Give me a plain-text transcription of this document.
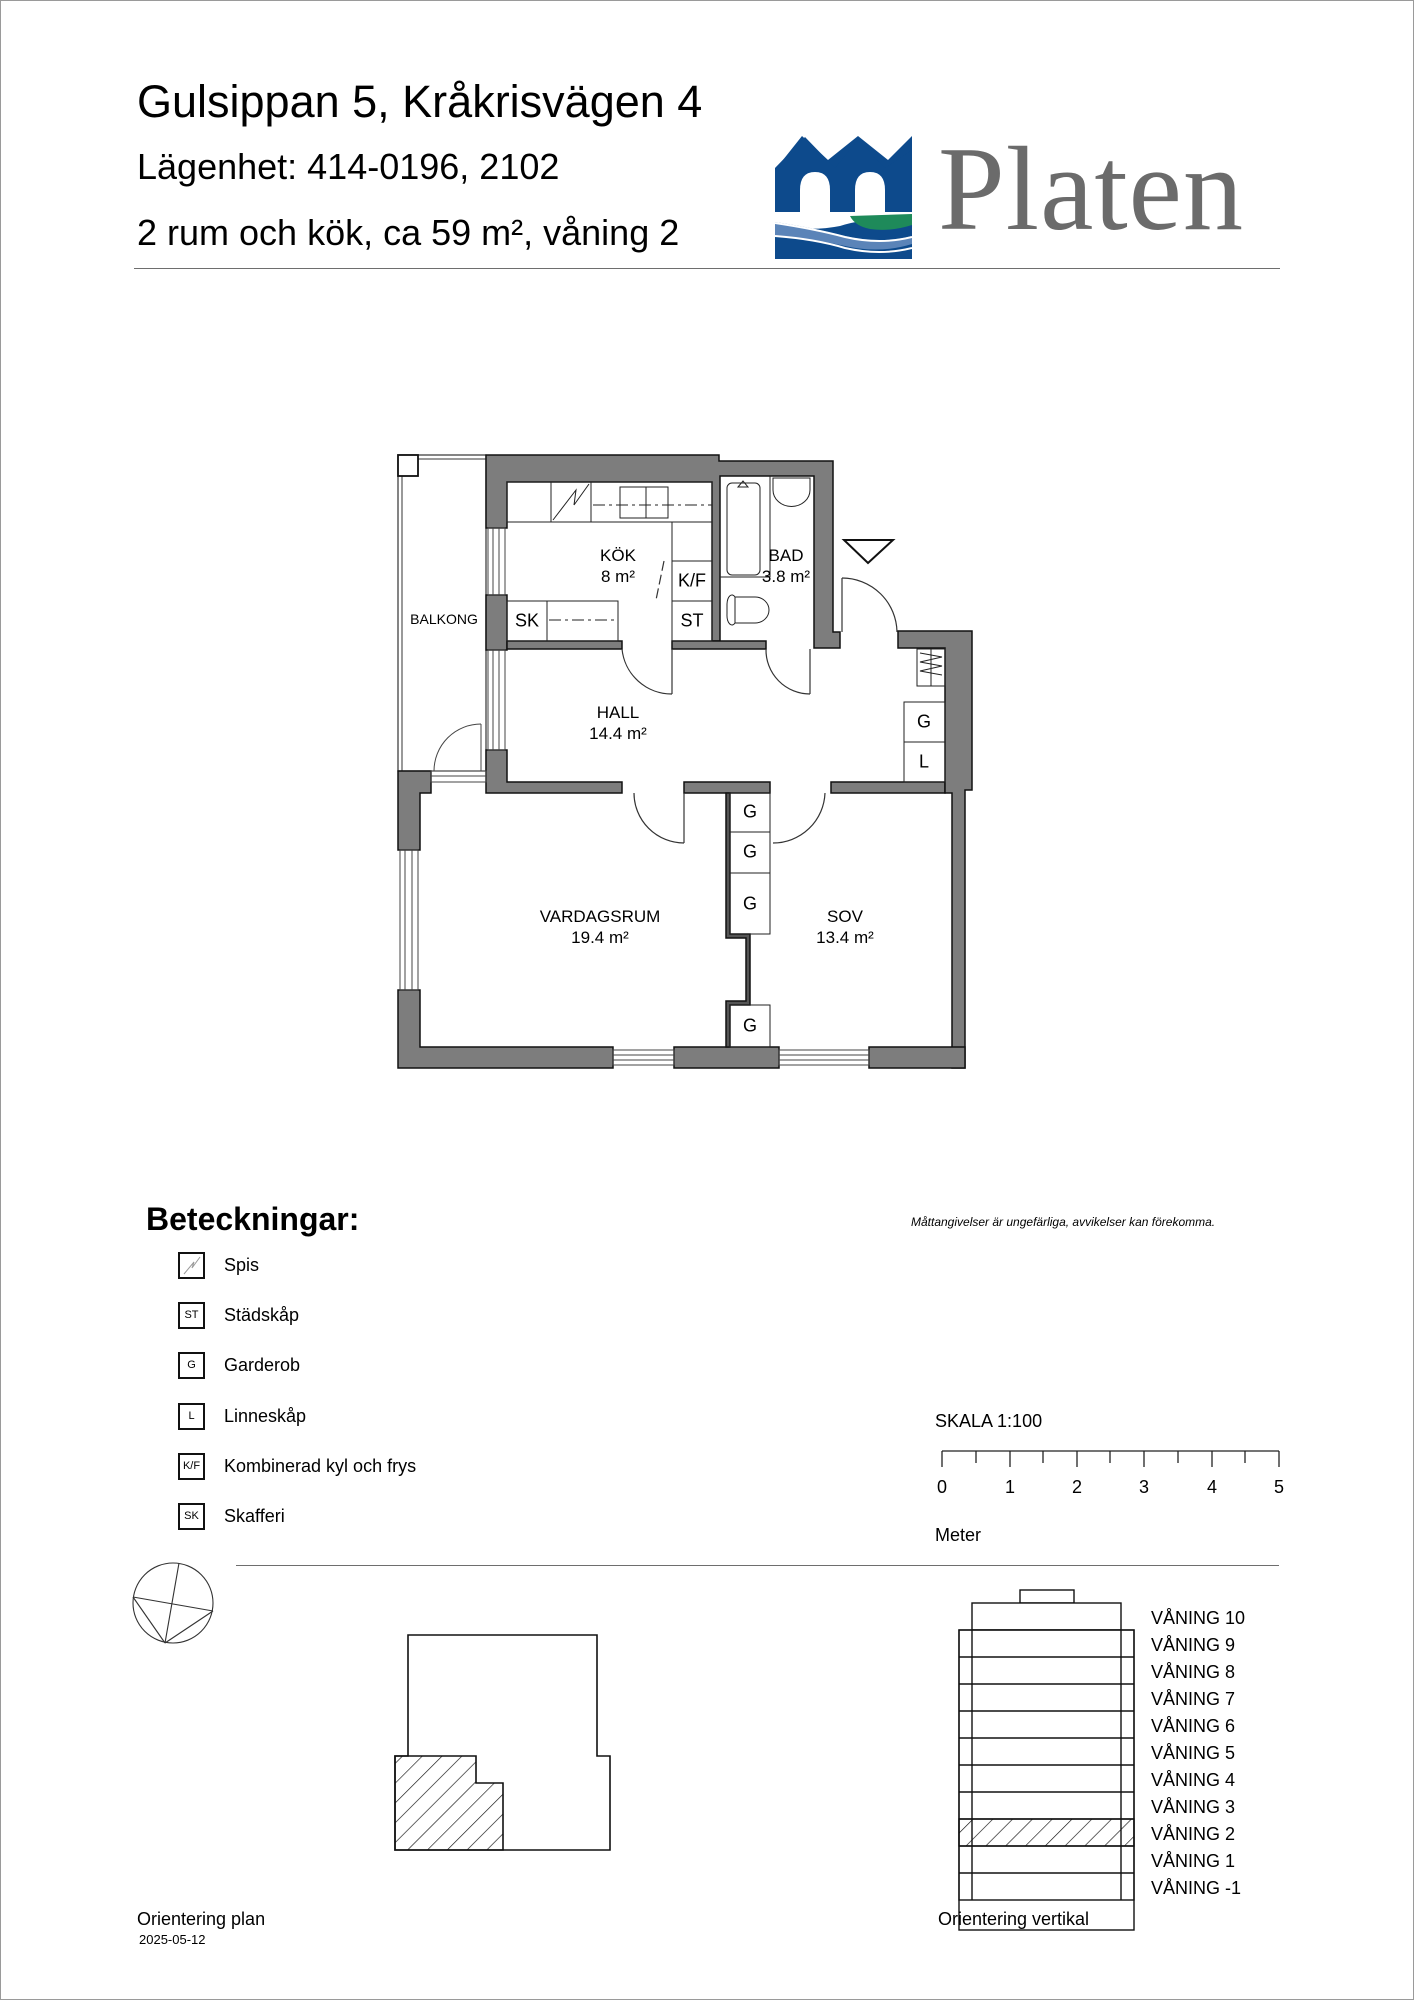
Gulsippan 5, Kråkrisvägen 4
Lägenhet: 414-0196, 2102
2 rum och kök, ca 59 m², våning 2 Platen
KÖK
8 m²
BAD
3.8 m²
HALL
14.4 m²
VARDAGSRUM
19.4 m²
SOV
13.4 m²
BALKONG
K/F
ST
SK
G
L
G
G
G
G
Beteckningar:
Spis
ST	Städskåp
G	Garderob
L	Linneskåp
K/F Kombinerad kyl och frys
SK	Skafferi
Måttangivelser är ungefärliga, avvikelser kan förekomma.
SKALA 1:100
0	1	2	3	4	5
Meter
VÅNING 10
VÅNING 9
VÅNING 8
VÅNING 7
VÅNING 6
VÅNING 5
VÅNING 4
VÅNING 3
VÅNING 2
VÅNING 1
VÅNING -1
Orientering plan	Orientering vertikal
2025-05-12
